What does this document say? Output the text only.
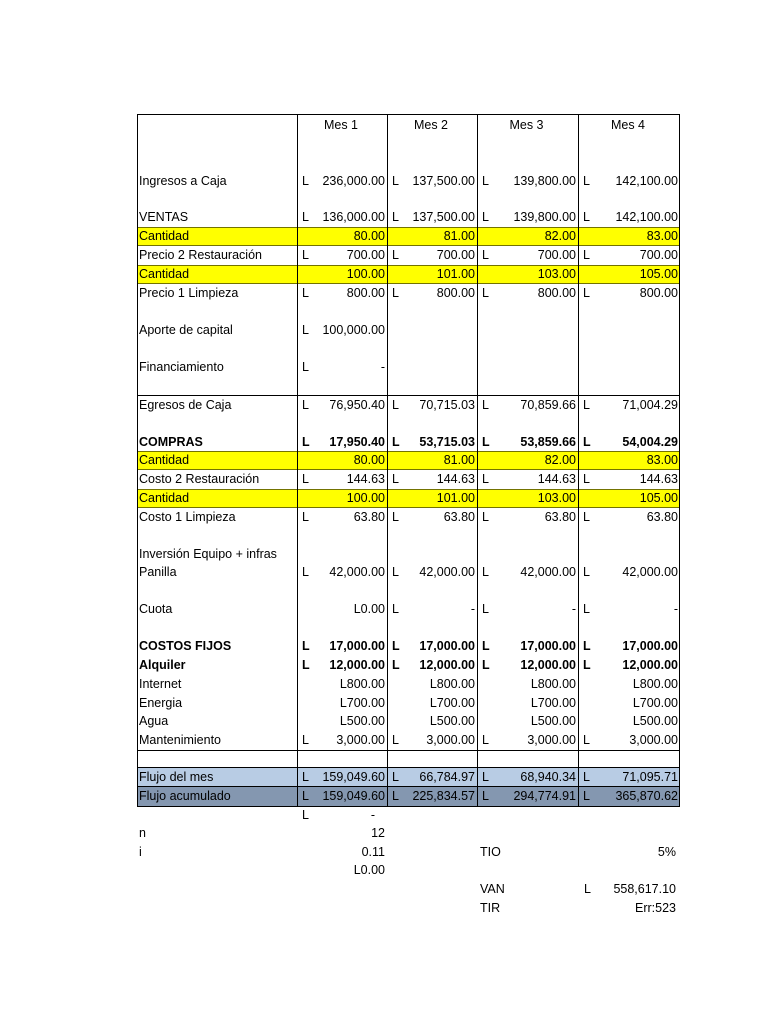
Mes 1	Mes 2	Mes 3	Mes 4
Ingresos a Caja	L	236,000.00 L	137,500.00 L	139,800.00 L	142,100.00
VENTAS	L	136,000.00 L	137,500.00 L	139,800.00 L	142,100.00
Cantidad	80.00	81.00	82.00	83.00
Precio 2 Restauración	L	700.00 L	700.00 L	700.00 L	700.00
Cantidad	100.00	101.00	103.00	105.00
Precio 1 Limpieza	L	800.00 L	800.00 L	800.00 L	800.00
Aporte de capital	L	100,000.00
Financiamiento	L	-
Egresos de Caja	L	76,950.40 L	70,715.03 L	70,859.66 L	71,004.29
COMPRAS	L	17,950.40 L	53,715.03 L	53,859.66 L	54,004.29
Cantidad	80.00	81.00	82.00	83.00
Costo 2 Restauración	L	144.63 L	144.63 L	144.63 L	144.63
Cantidad	100.00	101.00	103.00	105.00
Costo 1 Limpieza	L	63.80 L	63.80 L	63.80 L	63.80
Inversión Equipo + infras
Panilla	L	42,000.00 L	42,000.00 L	42,000.00 L	42,000.00
Cuota	L0.00 L	- L	- L	-
COSTOS FIJOS	L	17,000.00 L	17,000.00 L	17,000.00 L	17,000.00
Alquiler	L	12,000.00 L	12,000.00 L	12,000.00 L	12,000.00
Internet	L800.00	L800.00	L800.00	L800.00
Energia	L700.00	L700.00	L700.00	L700.00
Agua	L500.00	L500.00	L500.00	L500.00
Mantenimiento	L	3,000.00 L	3,000.00 L	3,000.00 L	3,000.00
Flujo del mes	L	159,049.60 L	66,784.97 L	68,940.34 L	71,095.71
Flujo acumulado	L	159,049.60 L	225,834.57 L	294,774.91 L	365,870.62
L	-
n	12
i	0.11
L0.00
TIO	5%
VAN	L	558,617.10
TIR	Err:523
